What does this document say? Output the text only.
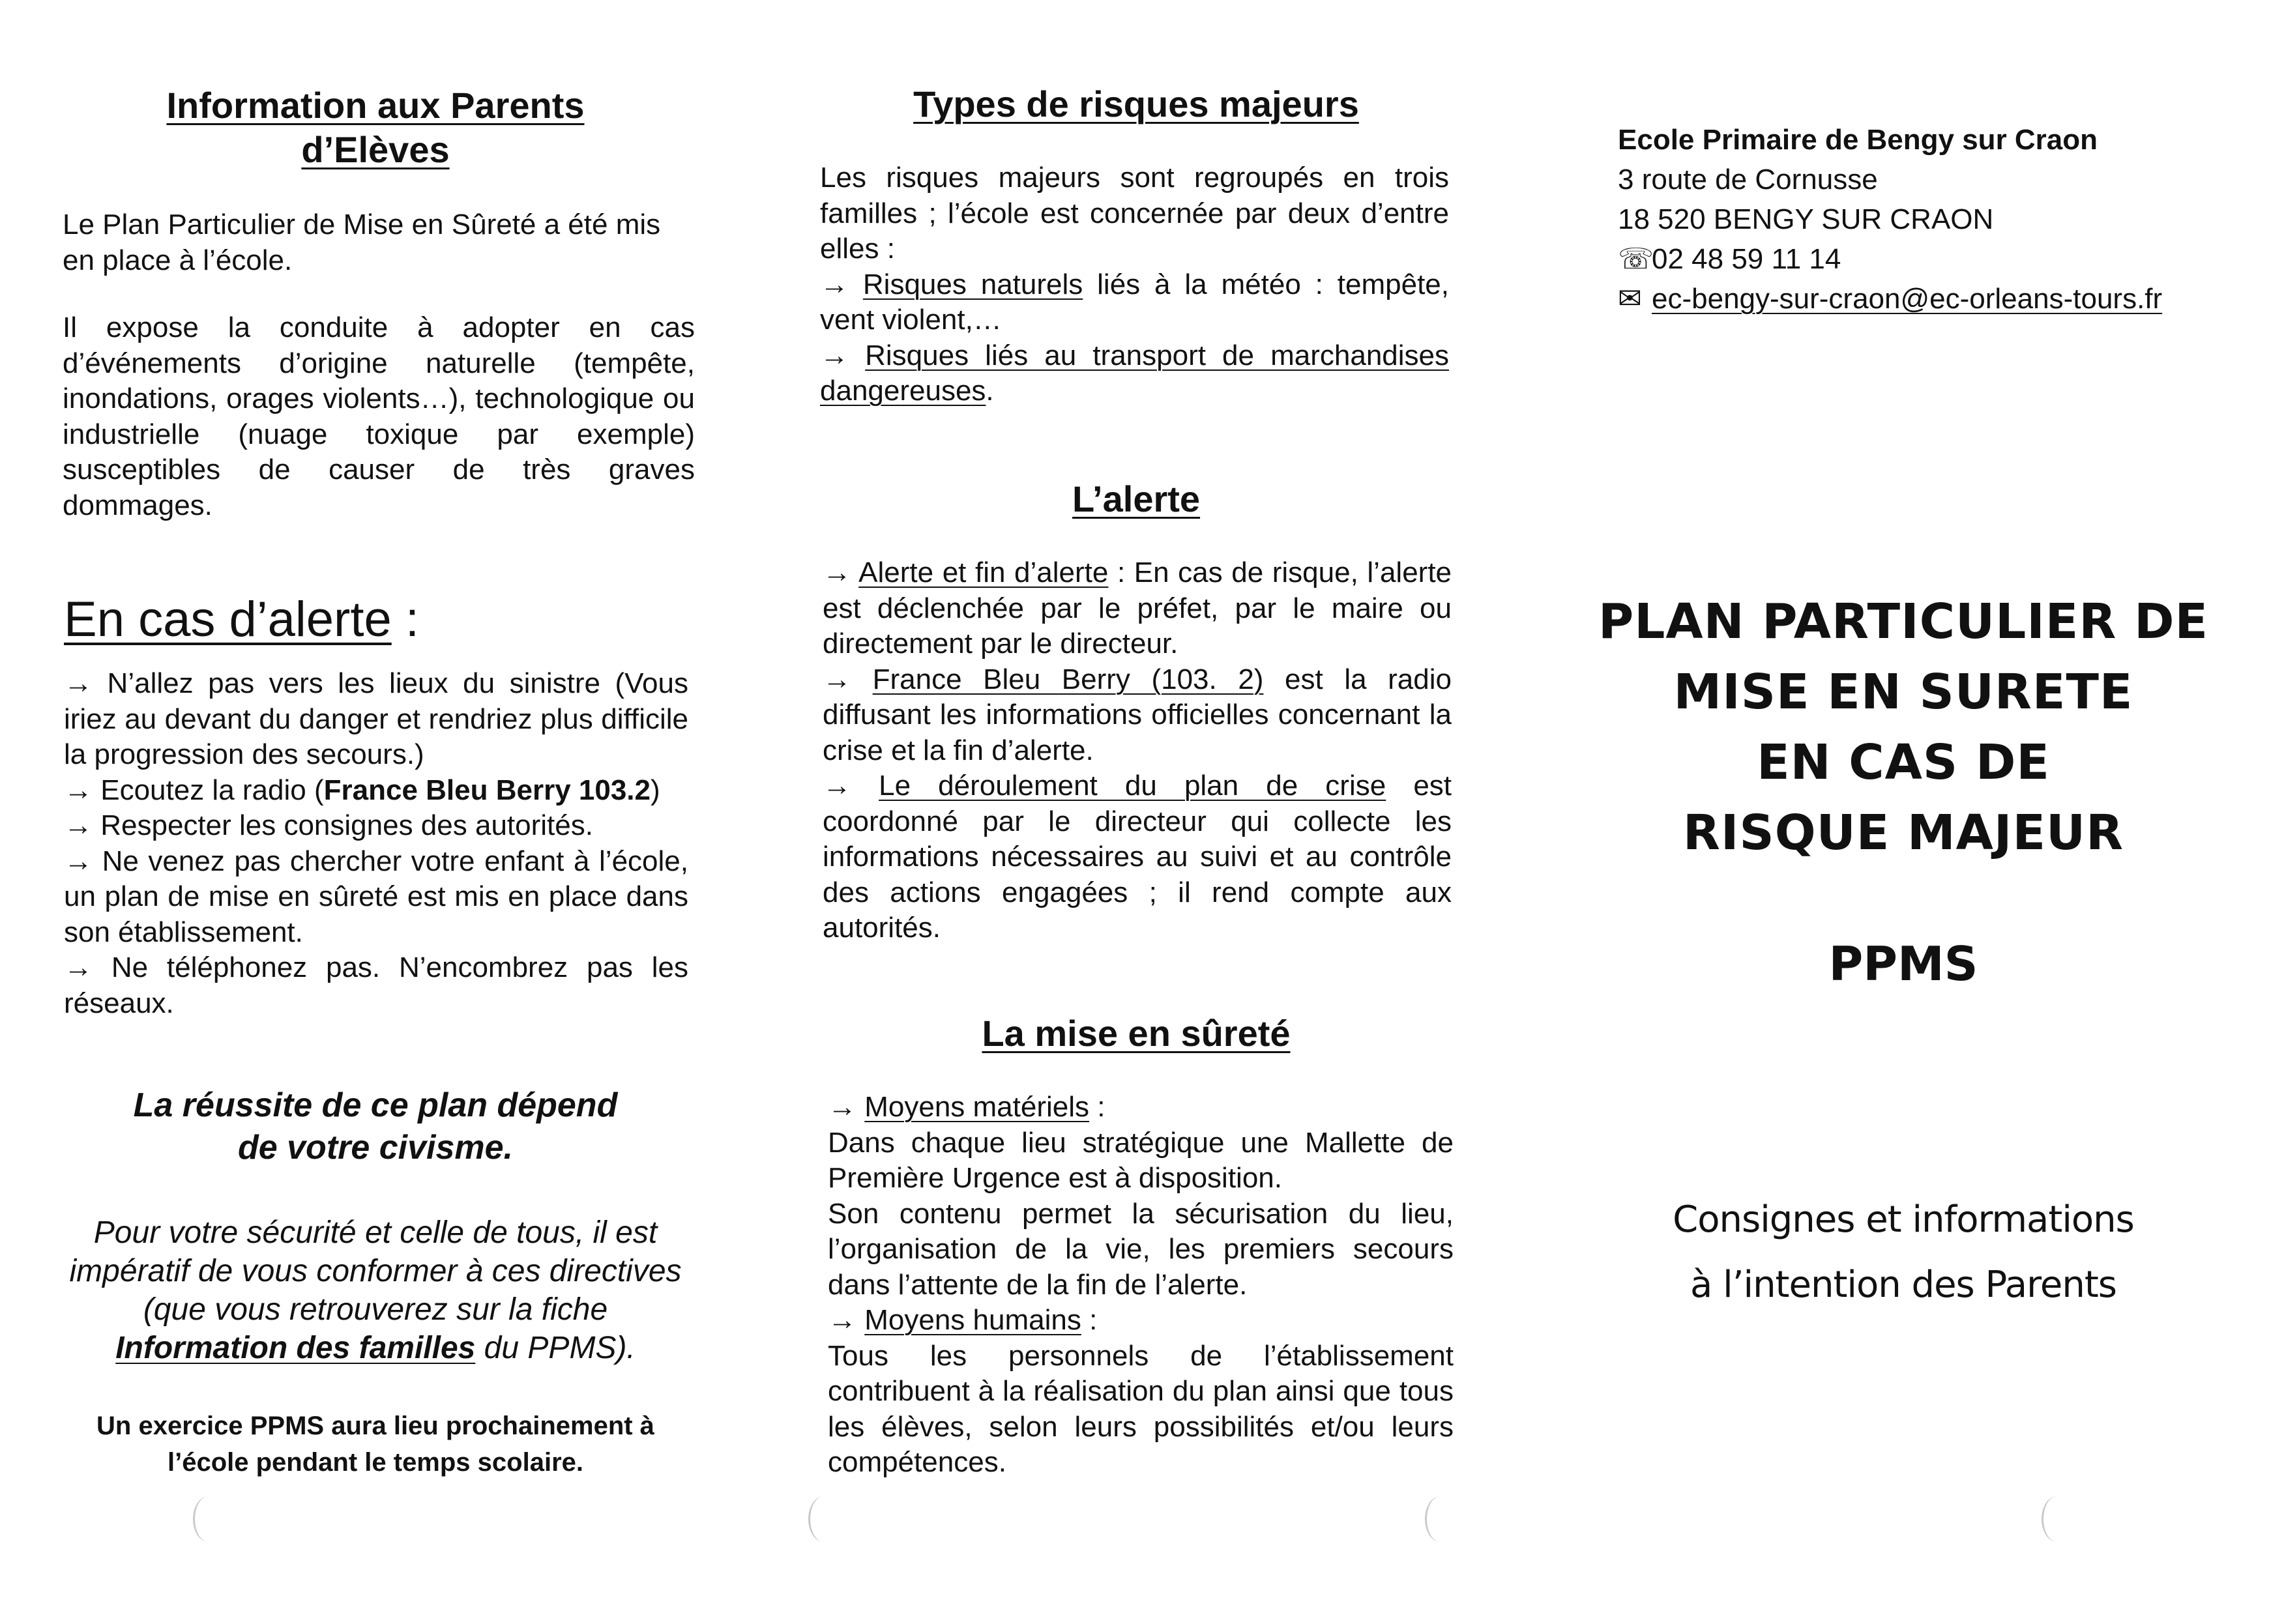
Information aux Parents
d’Elèves

Le Plan Particulier de Mise en Sûreté a été mis en place à l’école.

Il expose la conduite à adopter en cas d’événements d’origine naturelle (tempête, inondations, orages violents…), technologique ou industrielle (nuage toxique par exemple) susceptibles de causer de très graves dommages.

En cas d’alerte :
→ N’allez pas vers les lieux du sinistre (Vous iriez au devant du danger et rendriez plus difficile la progression des secours.)
→ Ecoutez la radio (France Bleu Berry 103.2)
→ Respecter les consignes des autorités.
→ Ne venez pas chercher votre enfant à l’école, un plan de mise en sûreté est mis en place dans son établissement.
→ Ne téléphonez pas. N’encombrez pas les réseaux.

La réussite de ce plan dépend
de votre civisme.

Pour votre sécurité et celle de tous, il est impératif de vous conformer à ces directives (que vous retrouverez sur la fiche Information des familles du PPMS).

Un exercice PPMS aura lieu prochainement à
l’école pendant le temps scolaire.

Types de risques majeurs
Les risques majeurs sont regroupés en trois familles ; l’école est concernée par deux d’entre elles :
→ Risques naturels liés à la météo : tempête, vent violent,…
→ Risques liés au transport de marchandises dangereuses.
L’alerte
→ Alerte et fin d’alerte : En cas de risque, l’alerte est déclenchée par le préfet, par le maire ou directement par le directeur.
→ France Bleu Berry (103. 2) est la radio diffusant les informations officielles concernant la crise et la fin d’alerte.
→ Le déroulement du plan de crise est coordonné par le directeur qui collecte les informations nécessaires au suivi et au contrôle des actions engagées ; il rend compte aux autorités.
La mise en sûreté
→ Moyens matériels :
Dans chaque lieu stratégique une Mallette de Première Urgence est à disposition.
Son contenu permet la sécurisation du lieu, l’organisation de la vie, les premiers secours dans l’attente de la fin de l’alerte.
→ Moyens humains :
Tous les personnels de l’établissement contribuent à la réalisation du plan ainsi que tous les élèves, selon leurs possibilités et/ou leurs compétences.
Ecole Primaire de Bengy sur Craon
3 route de Cornusse
18 520 BENGY SUR CRAON
☏02 48 59 11 14
✉ ec-bengy-sur-craon@ec-orleans-tours.fr
PLAN PARTICULIER DE
MISE EN SURETE
EN CAS DE
RISQUE MAJEUR
PPMS
Consignes et informations
à l’intention des Parents
